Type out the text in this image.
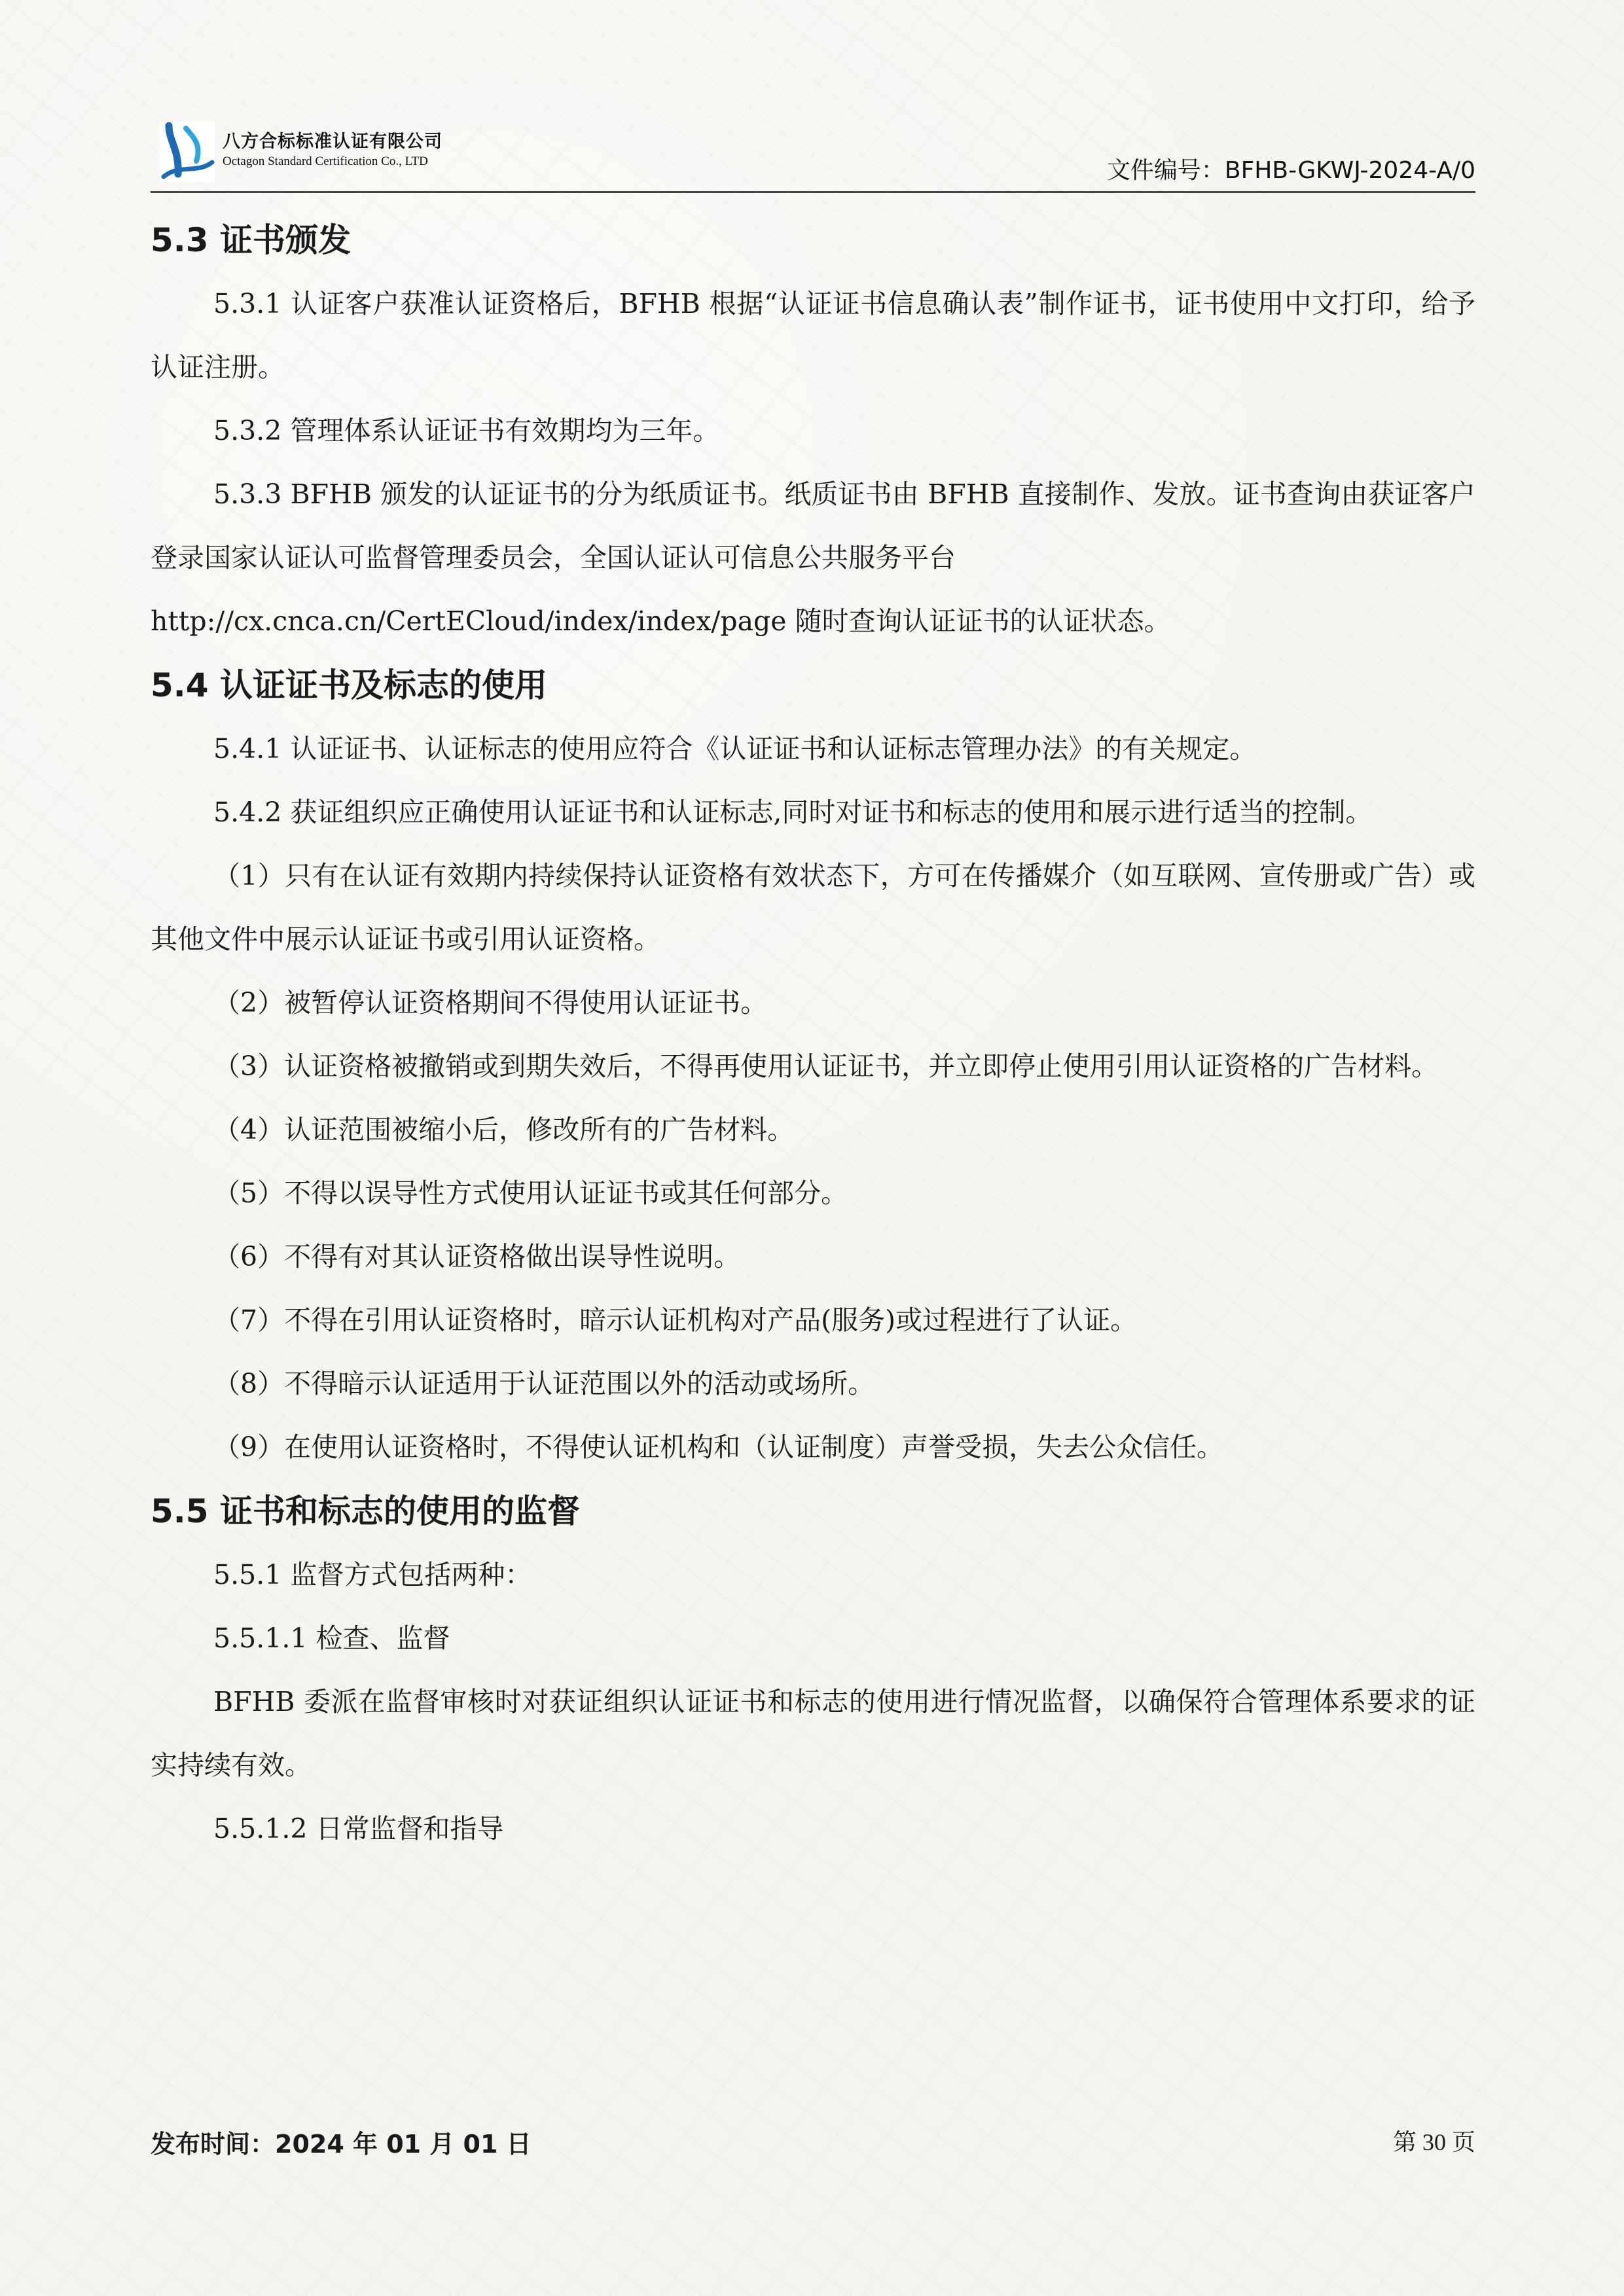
八方合标标准认证有限公司
Octagon Standard Certification Co., LTD	文件编号：BFHB-GKWJ-2024-A/0
5.3 证书颁发

5.3.1 认证客户获准认证资格后，BFHB 根据“认证证书信息确认表”制作证书，证书使用中文打印，给予认证注册。

5.3.2 管理体系认证证书有效期均为三年。

5.3.3 BFHB 颁发的认证证书的分为纸质证书。纸质证书由 BFHB 直接制作、发放。证书查询由获证客户登录国家认证认可监督管理委员会，全国认证认可信息公共服务平台

http://cx.cnca.cn/CertECloud/index/index/page 随时查询认证证书的认证状态。

5.4 认证证书及标志的使用

5.4.1 认证证书、认证标志的使用应符合《认证证书和认证标志管理办法》的有关规定。

5.4.2 获证组织应正确使用认证证书和认证标志,同时对证书和标志的使用和展示进行适当的控制。

（1）只有在认证有效期内持续保持认证资格有效状态下，方可在传播媒介（如互联网、宣传册或广告）或其他文件中展示认证证书或引用认证资格。

（2）被暂停认证资格期间不得使用认证证书。

（3）认证资格被撤销或到期失效后，不得再使用认证证书，并立即停止使用引用认证资格的广告材料。

（4）认证范围被缩小后，修改所有的广告材料。

（5）不得以误导性方式使用认证证书或其任何部分。

（6）不得有对其认证资格做出误导性说明。

（7）不得在引用认证资格时，暗示认证机构对产品(服务)或过程进行了认证。

（8）不得暗示认证适用于认证范围以外的活动或场所。

（9）在使用认证资格时，不得使认证机构和（认证制度）声誉受损，失去公众信任。

5.5 证书和标志的使用的监督

5.5.1 监督方式包括两种：

5.5.1.1 检查、监督

BFHB 委派在监督审核时对获证组织认证证书和标志的使用进行情况监督，以确保符合管理体系要求的证实持续有效。

5.5.1.2 日常监督和指导

发布时间：2024 年 01 月 01 日	第 30 页
